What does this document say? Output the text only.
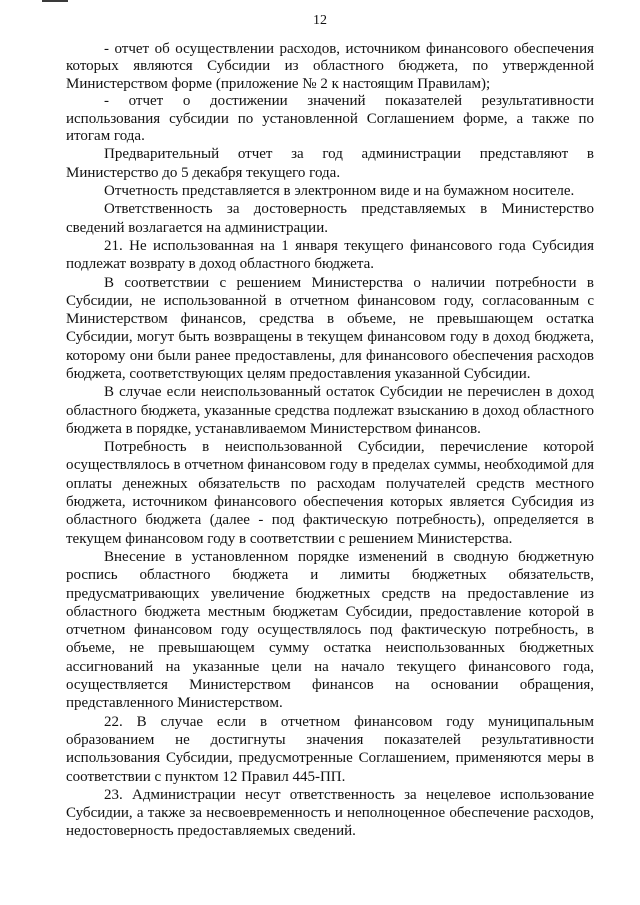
12

- отчет об осуществлении расходов, источником финансового обеспечения которых являются Субсидии из областного бюджета, по утвержденной Министерством форме (приложение № 2 к настоящим Правилам);

- отчет о достижении значений показателей результативности использования субсидии по установленной Соглашением форме, а также по итогам года.

Предварительный отчет за год администрации представляют в Министерство до 5 декабря текущего года.

Отчетность представляется в электронном виде и на бумажном носителе.

Ответственность за достоверность представляемых в Министерство сведений возлагается на администрации.

21. Не использованная на 1 января текущего финансового года Субсидия подлежат возврату в доход областного бюджета.

В соответствии с решением Министерства о наличии потребности в Субсидии, не использованной в отчетном финансовом году, согласованным с Министерством финансов, средства в объеме, не превышающем остатка Субсидии, могут быть возвращены в текущем финансовом году в доход бюджета, которому они были ранее предоставлены, для финансового обеспечения расходов бюджета, соответствующих целям предоставления указанной Субсидии.

В случае если неиспользованный остаток Субсидии не перечислен в доход областного бюджета, указанные средства подлежат взысканию в доход областного бюджета в порядке, устанавливаемом Министерством финансов.

Потребность в неиспользованной Субсидии, перечисление которой осуществлялось в отчетном финансовом году в пределах суммы, необходимой для оплаты денежных обязательств по расходам получателей средств местного бюджета, источником финансового обеспечения которых является Субсидия из областного бюджета (далее - под фактическую потребность), определяется в текущем финансовом году в соответствии с решением Министерства.

Внесение в установленном порядке изменений в сводную бюджетную роспись областного бюджета и лимиты бюджетных обязательств, предусматривающих увеличение бюджетных средств на предоставление из областного бюджета местным бюджетам Субсидии, предоставление которой в отчетном финансовом году осуществлялось под фактическую потребность, в объеме, не превышающем сумму остатка неиспользованных бюджетных ассигнований на указанные цели на начало текущего финансового года, осуществляется Министерством финансов на основании обращения, представленного Министерством.

22. В случае если в отчетном финансовом году муниципальным образованием не достигнуты значения показателей результативности использования Субсидии, предусмотренные Соглашением, применяются меры в соответствии с пунктом 12 Правил 445-ПП.

23. Администрации несут ответственность за нецелевое использование Субсидии, а также за несвоевременность и неполноценное обеспечение расходов, недостоверность предоставляемых сведений.
